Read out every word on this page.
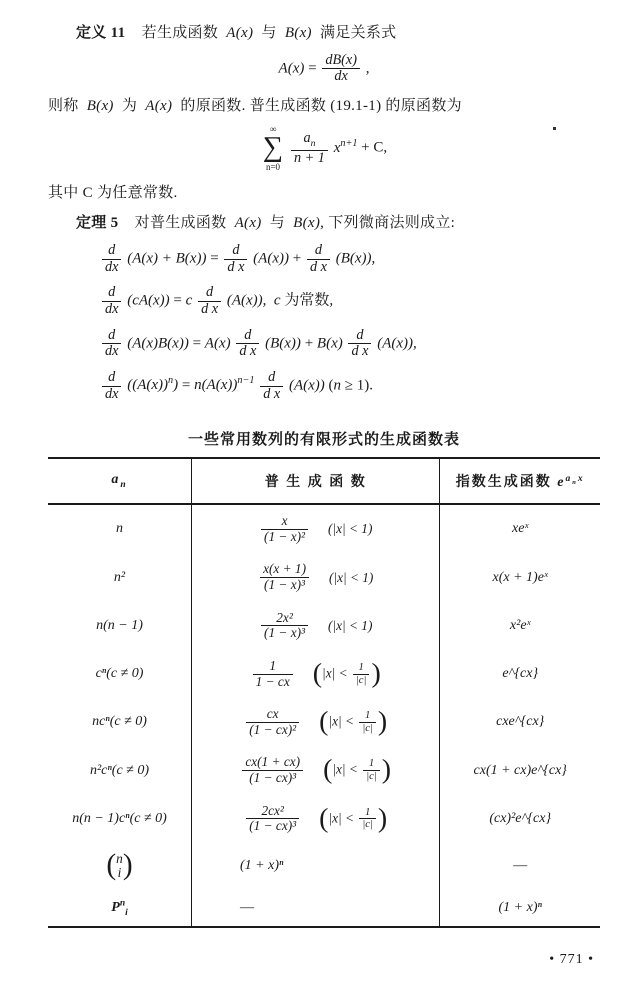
定义 11 若生成函数 A(x) 与 B(x) 满足关系式

$A(x) = \frac{dB(x)}{dx}$ ,

则称 B(x) 为 A(x) 的原函数. 普生成函数 (19.1-1) 的原函数为

∞
∑
n=0

$\frac{a_n}{n + 1} x^{n+1} + C$,

其中 C 为任意常数.

定理 5 对普生成函数 A(x) 与 B(x), 下列微商法则成立:

$\frac{d}{dx} (A(x) + B(x)) = \frac{d}{\text{d x}} (A(x)) + \frac{d}{\text{d x}} (B(x))$,
$\frac{d}{dx} (cA(x)) = c \frac{d}{\text{d x}} (A(x))$, c 为常数,
$\frac{d}{dx} (A(x)B(x)) = A(x) \frac{d}{\text{d x}} (B(x)) + B(x) \frac{d}{\text{d x}} (A(x))$,
$\frac{d}{dx} ((A(x))^n) = n(A(x))^{n-1} \frac{d}{\text{d x}} (A(x)) (n \ge 1)$.
一些常用数列的有限形式的生成函数表
$a_n$	普 生 成 函 数	指数生成函数 $e^{a_nx}$
n	$\frac{x}{\text{(1 − x)²}} (|x| < 1)$	xeˣ
n²	$\frac{x(x + 1)}{\text{(1 − x)³}} (|x| < 1)$	x(x + 1)eˣ
n(n − 1)	$\frac{\text{2x²}}{\text{(1 − x)³}} (|x| < 1)$	x²eˣ
cⁿ(c ≠ 0)	$\frac{1}{1 - cx} (|x| < \frac{1}{|c|}$ )	e^{cx}
ncⁿ(c ≠ 0)	$\frac{cx}{\text{(1 − cx)²}} (|x| < \frac{1}{|c|}$ )	cxe^{cx}
n²cⁿ(c ≠ 0)	$\frac{cx(1 + cx)}{\text{(1 − cx)³}} (|x| < \frac{1}{|c|}$ )	cx(1 + cx)e^{cx}
n(n − 1)cⁿ(c ≠ 0)	$\frac{\text{2cx²}}{\text{(1 − cx)³}} (|x| < \frac{1}{|c|}$ )	(cx)²e^{cx}
( n
i )	(1 + x)ⁿ	—
$P^n_i$	—	(1 + x)ⁿ
• 771 •
